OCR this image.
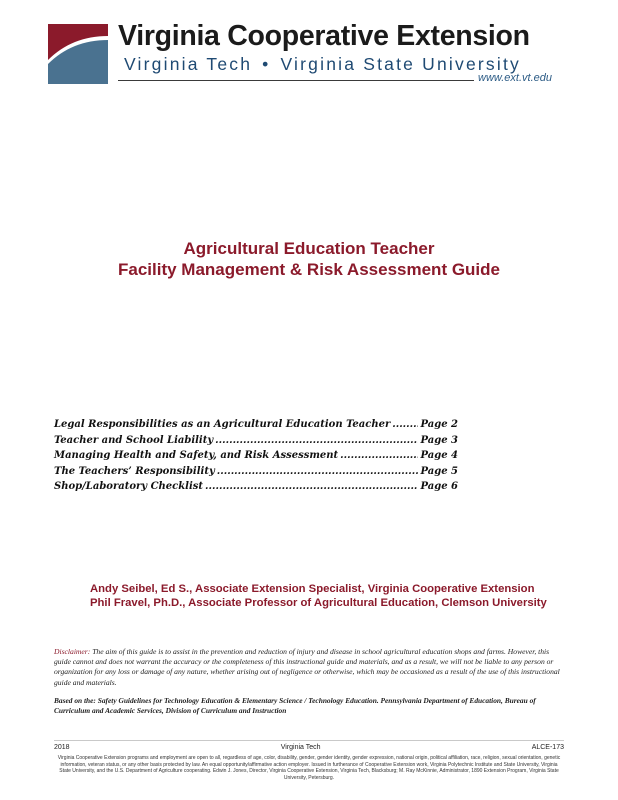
Virginia Cooperative Extension
Virginia Tech • Virginia State University
www.ext.vt.edu
Agricultural Education Teacher
Facility Management & Risk Assessment Guide
Legal Responsibilities as an Agricultural Education Teacher .....	Page 2
Teacher and School Liability .....	Page 3
Managing Health and Safety, and Risk Assessment .....	Page 4
The Teachers’ Responsibility .....	Page 5
Shop/Laboratory Checklist .....	Page 6
Andy Seibel, Ed S., Associate Extension Specialist, Virginia Cooperative Extension
Phil Fravel, Ph.D., Associate Professor of Agricultural Education, Clemson University
Disclaimer: The aim of this guide is to assist in the prevention and reduction of injury and disease in school agricultural education shops and farms. However, this guide cannot and does not warrant the accuracy or the completeness of this instructional guide and materials, and as a result, we will not be liable to any person or organization for any loss or damage of any nature, whether arising out of negligence or otherwise, which may be occasioned as a result of the use of this instructional guide and materials.
Based on the: Safety Guidelines for Technology Education & Elementary Science / Technology Education. Pennsylvania Department of Education, Bureau of Curriculum and Academic Services, Division of Curriculum and Instruction
2018	Virginia Tech	ALCE-173
Virginia Cooperative Extension programs and employment are open to all, regardless of age, color, disability, gender, gender identity, gender expression, national origin, political affiliation, race, religion, sexual orientation, genetic information, veteran status, or any other basis protected by law. An equal opportunity/affirmative action employer. Issued in furtherance of Cooperative Extension work, Virginia Polytechnic Institute and State University, Virginia State University, and the U.S. Department of Agriculture cooperating. Edwin J. Jones, Director, Virginia Cooperative Extension, Virginia Tech, Blacksburg; M. Ray McKinnie, Administrator, 1890 Extension Program, Virginia State University, Petersburg.
